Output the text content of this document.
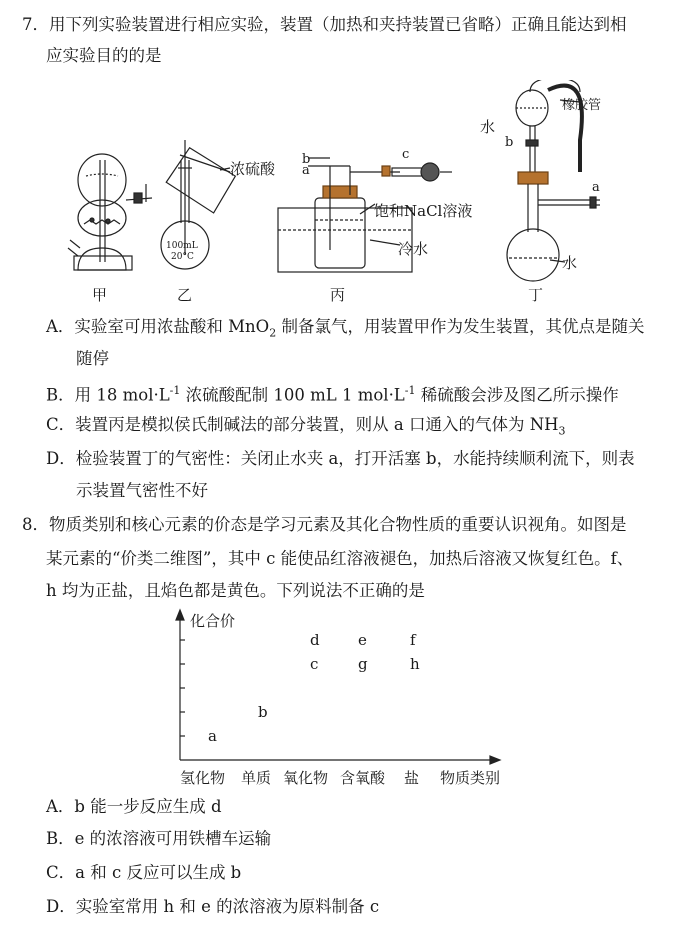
7．用下列实验装置进行相应实验，装置（加热和夹持装置已省略）正确且能达到相
应实验目的的是
浓硫酸
100mL
20°C
饱和NaCl溶液
冷水
b
a
c
橡胶管
水
b
a
水
甲	乙	丙	丁
A．实验室可用浓盐酸和 MnO$_2$ 制备氯气，用装置甲作为发生装置，其优点是随关
随停
B．用 18 $mol\cdot L^{-1}$ 浓硫酸配制 100 mL 1 $mol\cdot L^{-1}$ 稀硫酸会涉及图乙所示操作
C．装置丙是模拟侯氏制碱法的部分装置，则从 a 口通入的气体为 $NH_3$
D．检验装置丁的气密性：关闭止水夹 a，打开活塞 b，水能持续顺利流下，则表
示装置气密性不好
8．物质类别和核心元素的价态是学习元素及其化合物性质的重要认识视角。如图是
某元素的“价类二维图”，其中 c 能使品红溶液褪色，加热后溶液又恢复红色。f、
h 均为正盐，且焰色都是黄色。下列说法不正确的是
化合价
a
b
c
d
g
e
h
f
氢化物 单质 氧化物 含氧酸 盐 物质类别
A．b 能一步反应生成 d
B．e 的浓溶液可用铁槽车运输
C．a 和 c 反应可以生成 b
D．实验室常用 h 和 e 的浓溶液为原料制备 c
